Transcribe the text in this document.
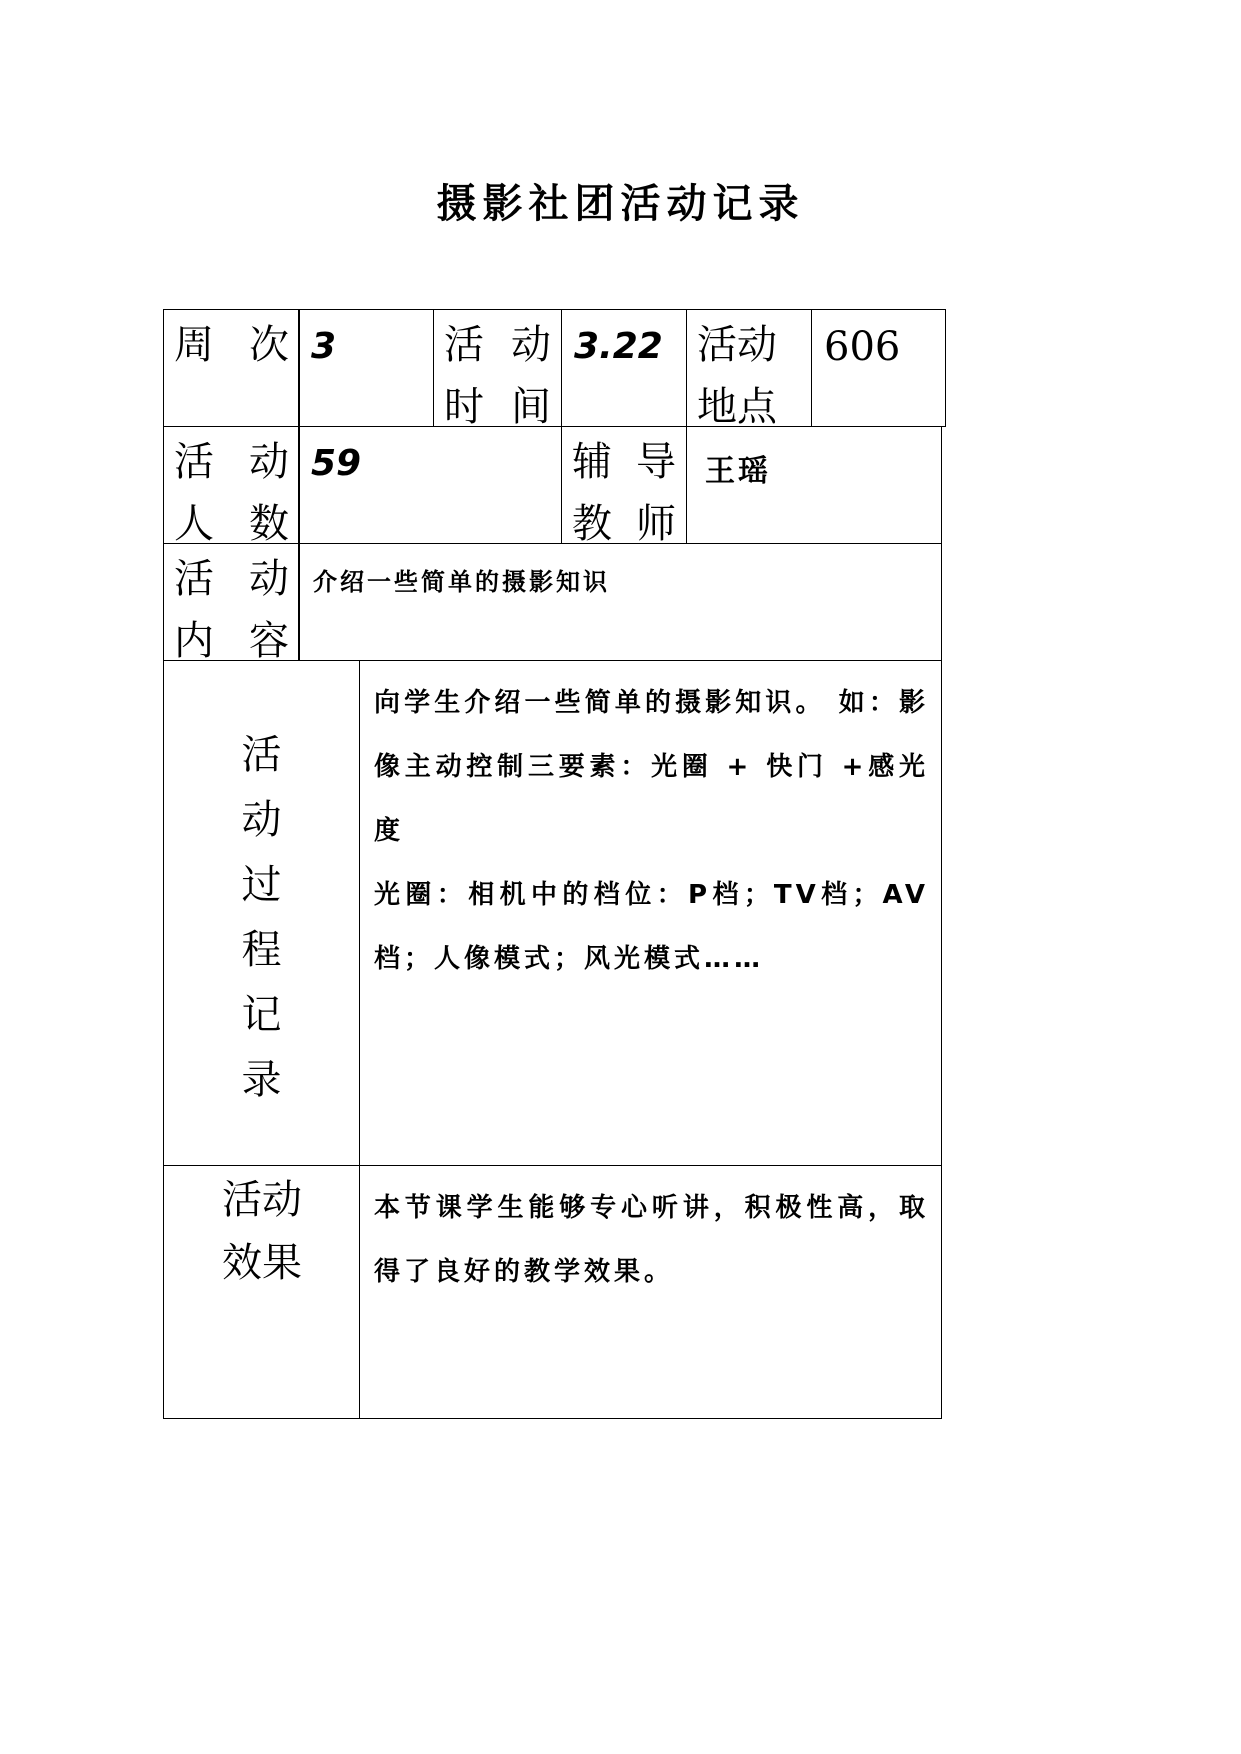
摄影社团活动记录
周次 3	活动时间
3.22 活动地点
606
活动人数
59	辅导教师
王瑶
活动内容
介绍一些简单的摄影知识
活
动
过
程
记
录

向学生介绍一些简单的摄影知识。 如：影像主动控制三要素：光圈 + 快门 +感光度

光圈：相机中的档位：P档；TV档；AV档；人像模式；风光模式……

活动效果
本节课学生能够专心听讲，积极性高，取得了良好的教学效果。
